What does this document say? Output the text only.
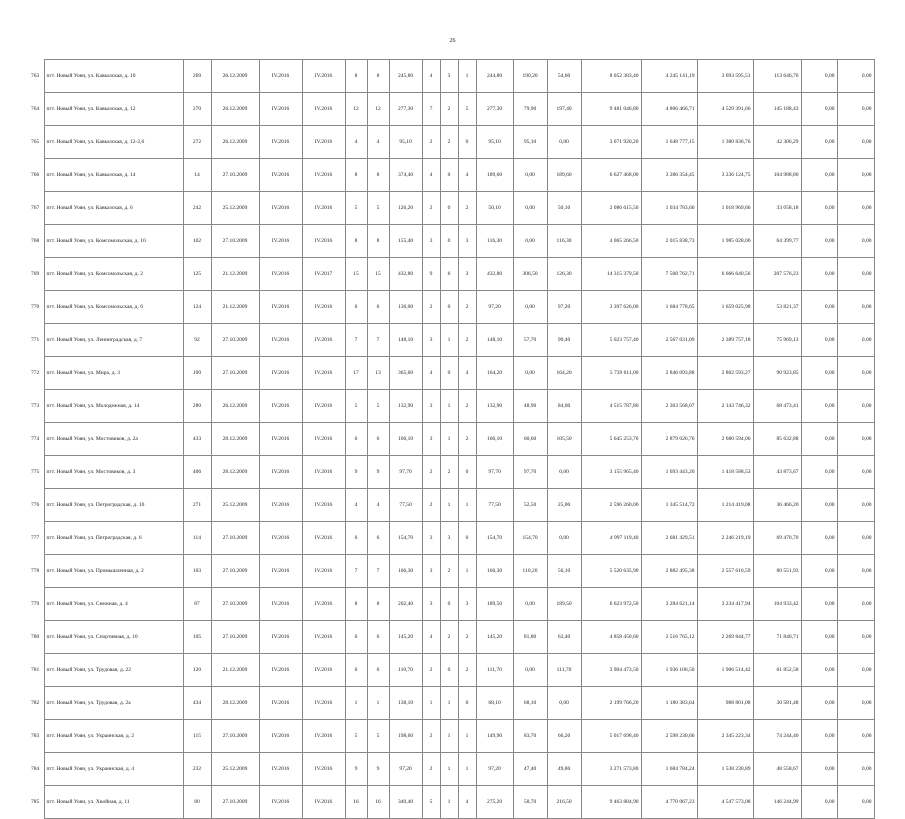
26
763	пгт. Новый Уоян, ул. Кавказская, д. 10	269	26.12.2009	IV.2016	IV.2016	8	8	245,80	4	3	1	244,80	190,20	54,60	8 052 383,40	4 245 141,19	3 693 595,51	113 646,70	0,00	0,00
764	пгт. Новый Уоян, ул. Кавказская, д. 12	270	26.12.2009	IV.2016	IV.2016	12	12	277,30	7	2	5	277,30	79,90	197,40	9 481 046,80	4 806 466,71	4 529 391,66	145 188,43	0,00	0,00
765	пгт. Новый Уоян, ул. Кавказская, д. 12-2,6	272	26.12.2009	IV.2016	IV.2016	4	4	95,10	2	2	0	95,10	95,10	0,00	3 071 920,20	1 648 777,15	1 380 836,76	42 306,29	0,00	0,00
766	пгт. Новый Уоян, ул. Кавказская, д. 14	14	27.10.2009	IV.2016	IV.2016	8	8	374,40	4	0	4	189,60	0,00	189,60	6 627 468,00	3 286 354,45	3 236 124,75	104 988,80	0,00	0,00
767	пгт. Новый Уоян, ул. Кавказская, д. 6	242	25.12.2009	IV.2016	IV.2016	5	5	126,20	2	0	2	50,10	0,00	50,10	2 086 615,50	1 034 783,60	1 018 969,66	33 058,18	0,00	0,00
768	пгт. Новый Уоян, ул. Комсомольская, д. 10	102	27.10.2009	IV.2016	IV.2016	8	8	155,40	3	0	3	116,30	0,00	116,30	4 065 266,50	2 015 838,73	1 985 028,00	64 399,77	0,00	0,00
769	пгт. Новый Уоян, ул. Комсомольская, д. 2	125	21.12.2009	IV.2016	IV.2017	15	15	432,80	9	6	3	432,80	306,50	126,30	14 315 379,50	7 508 762,71	6 666 640,56	207 576,23	0,00	0,00
770	пгт. Новый Уоян, ул. Комсомольская, д. 6	124	21.12.2009	IV.2016	IV.2016	6	6	136,00	2	0	2	97,20	0,00	97,20	3 397 626,00	1 684 778,65	1 659 025,98	53 821,37	0,00	0,00
771	пгт. Новый Уоян, ул. Ленинградская, д. 7	92	27.10.2009	IV.2016	IV.2016	7	7	148,10	3	1	2	148,10	57,70	90,40	5 023 757,40	2 567 031,09	2 389 757,18	75 969,13	0,00	0,00
772	пгт. Новый Уоян, ул. Мира, д. 3	100	27.10.2009	IV.2016	IV.2016	17	13	365,60	4	0	4	164,20	0,00	164,20	5 739 611,00	2 846 093,88	2 802 593,27	90 923,85	0,00	0,00
773	пгт. Новый Уоян, ул. Молодежная, д. 14	280	26.12.2009	IV.2016	IV.2016	5	5	132,90	3	1	2	132,90	48,90	84,00	4 515 787,80	2 303 568,07	2 143 746,32	68 473,41	0,00	0,00
774	пгт. Новый Уоян, ул. Мостовиков, д. 2а	433	28.12.2009	IV.2016	IV.2016	6	6	166,10	3	1	2	166,10	60,60	105,50	5 645 253,70	2 879 026,76	2 680 594,06	85 632,88	0,00	0,00
775	пгт. Новый Уоян, ул. Мостовиков, д. 3	406	28.12.2009	IV.2016	IV.2016	9	9	97,70	2	2	0	97,70	97,70	0,00	3 155 965,40	1 693 443,20	1 418 588,53	43 873,67	0,00	0,00
776	пгт. Новый Уоян, ул. Петроградская, д. 10	271	25.12.2009	IV.2016	IV.2016	4	4	77,50	2	1	1	77,50	52,50	25,00	2 596 260,00	1 345 514,72	1 214 419,08	36 466,20	0,00	0,00
777	пгт. Новый Уоян, ул. Петроградская, д. 6	114	27.10.2009	IV.2016	IV.2016	6	6	154,70	3	3	0	154,70	154,70	0,00	4 997 119,40	2 681 429,51	2 246 219,19	69 470,70	0,00	0,00
778	пгт. Новый Уоян, ул. Промышленная, д. 2	103	27.10.2009	IV.2016	IV.2016	7	7	166,30	3	2	1	166,30	110,20	56,10	5 520 635,90	2 882 495,38	2 557 610,59	80 551,93	0,00	0,00
779	пгт. Новый Уоян, ул. Снежная, д. 4	87	27.10.2009	IV.2016	IV.2016	8	8	202,40	3	0	3	189,50	0,00	189,50	6 623 972,50	3 284 621,14	3 234 417,94	104 933,42	0,00	0,00
780	пгт. Новый Уоян, ул. Спортивная, д. 10	105	27.10.2009	IV.2016	IV.2016	6	6	145,20	4	2	2	145,20	81,80	63,40	4 858 450,60	2 516 765,12	2 269 844,77	71 840,71	0,00	0,00
781	пгт. Новый Уоян, ул. Трудовая, д. 22	120	21.12.2009	IV.2016	IV.2016	6	6	110,70	2	0	2	111,70	0,00	111,70	3 904 473,50	1 936 106,50	1 906 514,42	61 852,58	0,00	0,00
782	пгт. Новый Уоян, ул. Трудовая, д. 2а	434	28.12.2009	IV.2016	IV.2016	1	1	138,10	1	1	0	68,10	68,10	0,00	2 199 766,20	1 180 383,64	988 801,08	30 581,48	0,00	0,00
783	пгт. Новый Уоян, ул. Украинская, д. 2	115	27.10.2009	IV.2016	IV.2016	5	5	198,60	2	1	1	149,90	83,70	66,20	5 017 698,40	2 598 230,66	2 345 223,34	74 244,40	0,00	0,00
784	пгт. Новый Уоян, ул. Украинская, д. 4	232	25.12.2009	IV.2016	IV.2016	9	9	97,20	2	1	1	97,20	47,40	49,80	3 271 573,80	1 684 784,24	1 538 230,89	48 558,67	0,00	0,00
785	пгт. Новый Уоян, ул. Хвойная, д. 11	80	27.10.2009	IV.2016	IV.2016	16	16	340,40	5	1	4	275,20	58,70	216,50	9 463 884,90	4 770 067,23	4 547 573,08	146 244,99	0,00	0,00
